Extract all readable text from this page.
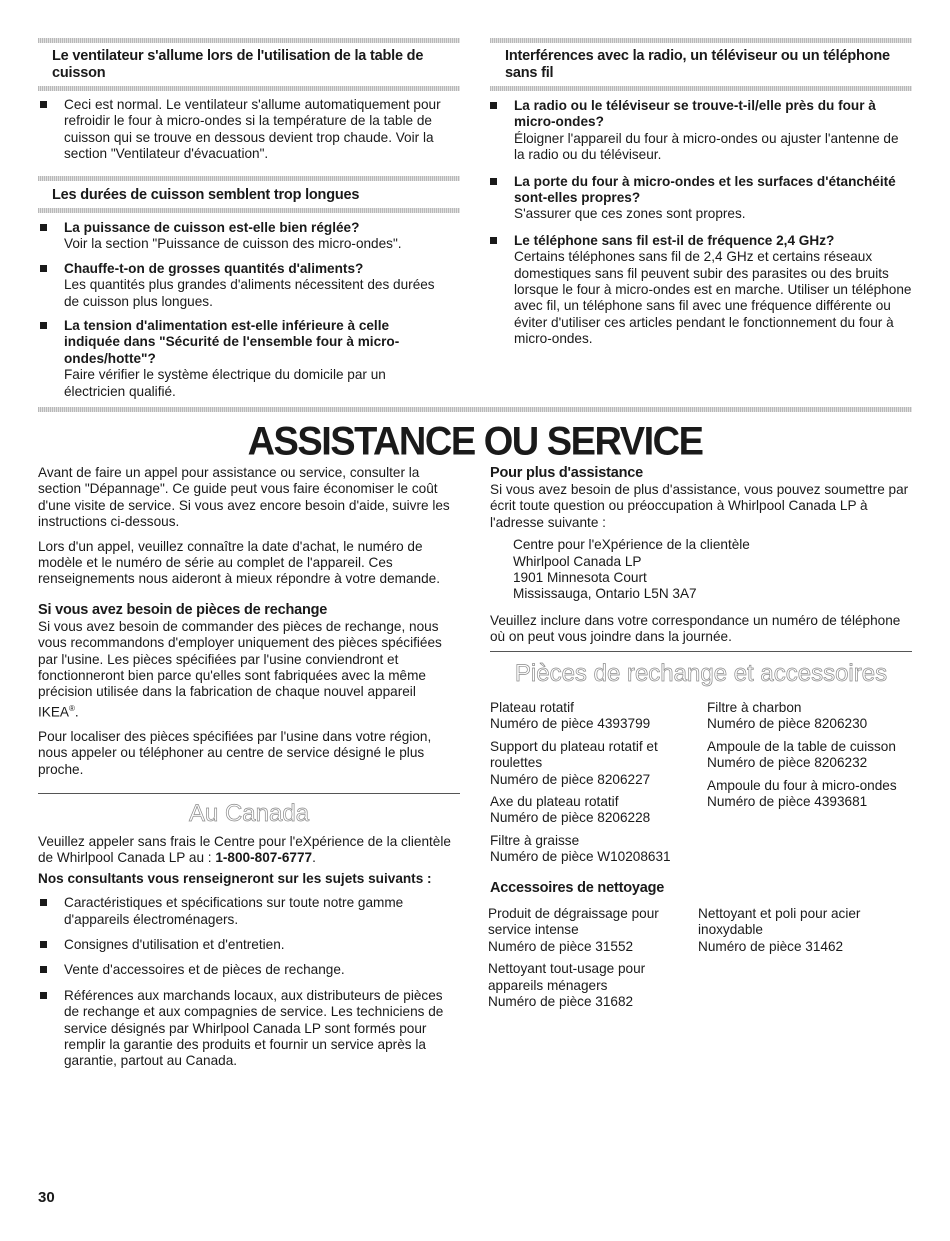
Le ventilateur s'allume lors de l'utilisation de la table de cuisson
Ceci est normal. Le ventilateur s'allume automatiquement pour refroidir le four à micro-ondes si la température de la table de cuisson qui se trouve en dessous devient trop chaude. Voir la section "Ventilateur d'évacuation".
Les durées de cuisson semblent trop longues
La puissance de cuisson est-elle bien réglée?
Voir la section "Puissance de cuisson des micro-ondes".
Chauffe-t-on de grosses quantités d'aliments?
Les quantités plus grandes d'aliments nécessitent des durées de cuisson plus longues.
La tension d'alimentation est-elle inférieure à celle indiquée dans "Sécurité de l'ensemble four à micro-ondes/hotte"?
Faire vérifier le système électrique du domicile par un électricien qualifié.
Interférences avec la radio, un téléviseur ou un téléphone sans fil
La radio ou le téléviseur se trouve-t-il/elle près du four à micro-ondes?
Éloigner l'appareil du four à micro-ondes ou ajuster l'antenne de la radio ou du téléviseur.
La porte du four à micro-ondes et les surfaces d'étanchéité sont-elles propres?
S'assurer que ces zones sont propres.
Le téléphone sans fil est-il de fréquence 2,4 GHz?
Certains téléphones sans fil de 2,4 GHz et certains réseaux domestiques sans fil peuvent subir des parasites ou des bruits lorsque le four à micro-ondes est en marche. Utiliser un téléphone avec fil, un téléphone sans fil avec une fréquence différente ou éviter d'utiliser ces articles pendant le fonctionnement du four à micro-ondes.
ASSISTANCE OU SERVICE

Avant de faire un appel pour assistance ou service, consulter la section "Dépannage". Ce guide peut vous faire économiser le coût d'une visite de service. Si vous avez encore besoin d'aide, suivre les instructions ci-dessous.

Lors d'un appel, veuillez connaître la date d'achat, le numéro de modèle et le numéro de série au complet de l'appareil. Ces renseignements nous aideront à mieux répondre à votre demande.

Si vous avez besoin de pièces de rechange

Si vous avez besoin de commander des pièces de rechange, nous vous recommandons d'employer uniquement des pièces spécifiées par l'usine. Les pièces spécifiées par l'usine conviendront et fonctionneront bien parce qu'elles sont fabriquées avec la même précision utilisée dans la fabrication de chaque nouvel appareil IKEA®.

Pour localiser des pièces spécifiées par l'usine dans votre région, nous appeler ou téléphoner au centre de service désigné le plus proche.

Au Canada

Veuillez appeler sans frais le Centre pour l'eXpérience de la clientèle de Whirlpool Canada LP au : 1-800-807-6777.

Nos consultants vous renseigneront sur les sujets suivants :

Caractéristiques et spécifications sur toute notre gamme d'appareils électroménagers.
Consignes d'utilisation et d'entretien.
Vente d'accessoires et de pièces de rechange.
Références aux marchands locaux, aux distributeurs de pièces de rechange et aux compagnies de service. Les techniciens de service désignés par Whirlpool Canada LP sont formés pour remplir la garantie des produits et fournir un service après la garantie, partout au Canada.
Pour plus d'assistance

Si vous avez besoin de plus d'assistance, vous pouvez soumettre par écrit toute question ou préoccupation à Whirlpool Canada LP à l'adresse suivante :

Centre pour l'eXpérience de la clientèle
Whirlpool Canada LP
1901 Minnesota Court
Mississauga, Ontario L5N 3A7

Veuillez inclure dans votre correspondance un numéro de téléphone où on peut vous joindre dans la journée.

Pièces de rechange et accessoires
Plateau rotatif
Numéro de pièce 4393799
Support du plateau rotatif et roulettes
Numéro de pièce 8206227
Axe du plateau rotatif
Numéro de pièce 8206228
Filtre à graisse
Numéro de pièce W10208631
Filtre à charbon
Numéro de pièce 8206230
Ampoule de la table de cuisson
Numéro de pièce 8206232
Ampoule du four à micro-ondes
Numéro de pièce 4393681
Accessoires de nettoyage
Produit de dégraissage pour service intense
Numéro de pièce 31552
Nettoyant tout-usage pour appareils ménagers
Numéro de pièce 31682
Nettoyant et poli pour acier inoxydable
Numéro de pièce 31462
30
